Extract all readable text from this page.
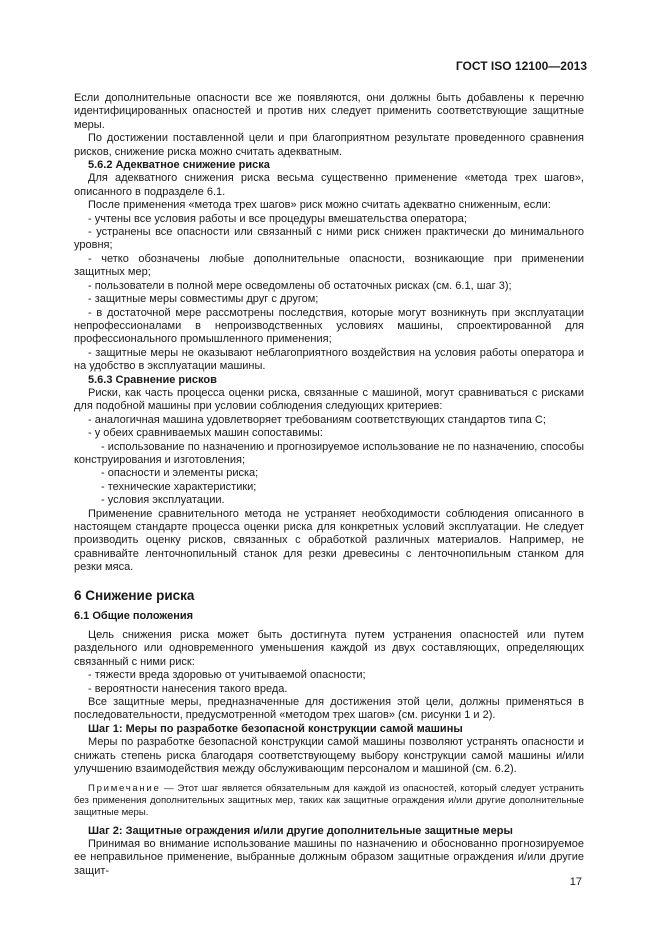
ГОСТ ISO 12100—2013

Если дополнительные опасности все же появляются, они должны быть добавлены к перечню идентифицированных опасностей и против них следует применить соответствующие защитные меры.

По достижении поставленной цели и при благоприятном результате проведенного сравнения рисков, снижение риска можно считать адекватным.

5.6.2 Адекватное снижение риска

Для адекватного снижения риска весьма существенно применение «метода трех шагов», описанного в подразделе 6.1.

После применения «метода трех шагов» риск можно считать адекватно сниженным, если:

- учтены все условия работы и все процедуры вмешательства оператора;

- устранены все опасности или связанный с ними риск снижен практически до минимального уровня;

- четко обозначены любые дополнительные опасности, возникающие при применении защитных мер;

- пользователи в полной мере осведомлены об остаточных рисках (см. 6.1, шаг 3);

- защитные меры совместимы друг с другом;

- в достаточной мере рассмотрены последствия, которые могут возникнуть при эксплуатации непрофессионалами в непроизводственных условиях машины, спроектированной для профессионального промышленного применения;

- защитные меры не оказывают неблагоприятного воздействия на условия работы оператора и на удобство в эксплуатации машины.

5.6.3 Сравнение рисков

Риски, как часть процесса оценки риска, связанные с машиной, могут сравниваться с рисками для подобной машины при условии соблюдения следующих критериев:

- аналогичная машина удовлетворяет требованиям соответствующих стандартов типа С;

- у обеих сравниваемых машин сопоставимы:

- использование по назначению и прогнозируемое использование не по назначению, способы конструирования и изготовления;

- опасности и элементы риска;

- технические характеристики;

- условия эксплуатации.

Применение сравнительного метода не устраняет необходимости соблюдения описанного в настоящем стандарте процесса оценки риска для конкретных условий эксплуатации. Не следует производить оценку рисков, связанных с обработкой различных материалов. Например, не сравнивайте ленточнопильный станок для резки древесины с ленточнопильным станком для резки мяса.

6 Снижение риска

6.1 Общие положения

Цель снижения риска может быть достигнута путем устранения опасностей или путем раздельного или одновременного уменьшения каждой из двух составляющих, определяющих связанный с ними риск:

- тяжести вреда здоровью от учитываемой опасности;

- вероятности нанесения такого вреда.

Все защитные меры, предназначенные для достижения этой цели, должны применяться в последовательности, предусмотренной «методом трех шагов» (см. рисунки 1 и 2).

Шаг 1: Меры по разработке безопасной конструкции самой машины

Меры по разработке безопасной конструкции самой машины позволяют устранять опасности и снижать степень риска благодаря соответствующему выбору конструкции самой машины и/или улучшению взаимодействия между обслуживающим персоналом и машиной (см. 6.2).

Примечание — Этот шаг является обязательным для каждой из опасностей, который следует устранить без применения дополнительных защитных мер, таких как защитные ограждения и/или другие дополнительные защитные меры.

Шаг 2: Защитные ограждения и/или другие дополнительные защитные меры

Принимая во внимание использование машины по назначению и обоснованно прогнозируемое ее неправильное применение, выбранные должным образом защитные ограждения и/или другие защит-

17
